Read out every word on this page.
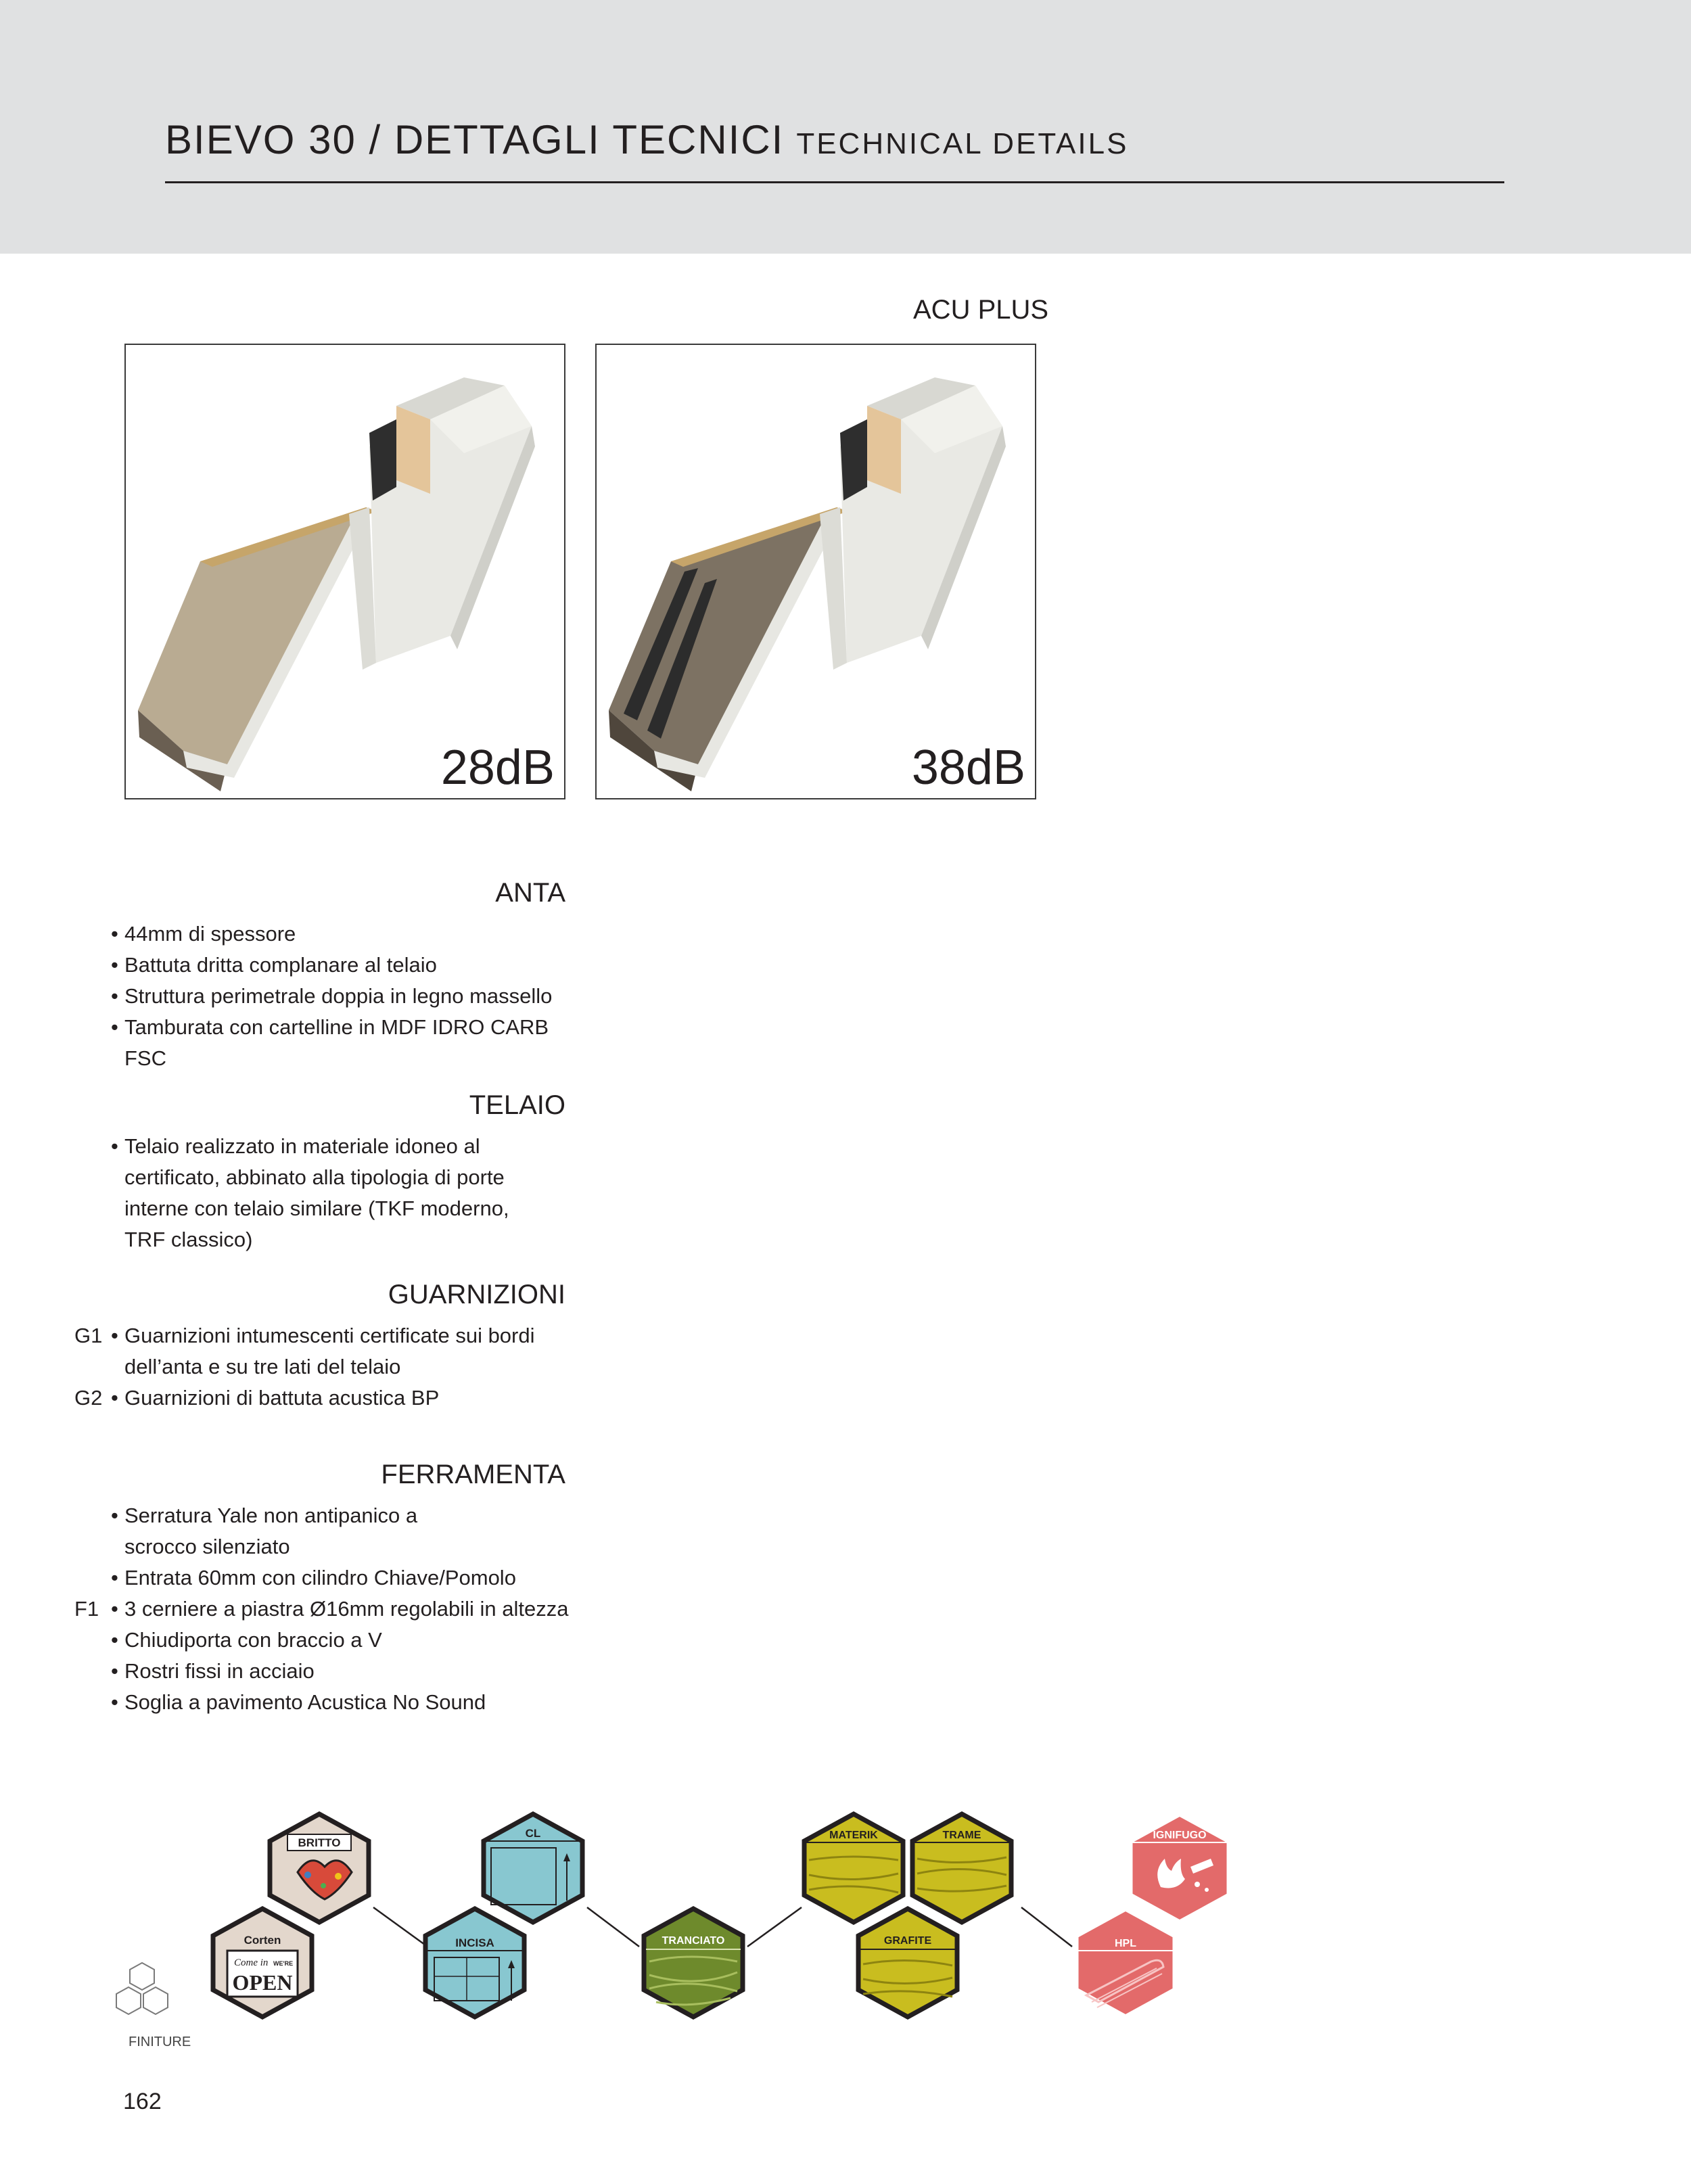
BIEVO 30 / DETTAGLI TECNICI TECHNICAL DETAILS
ACU PLUS
28dB	38dB
ANTA
• 44mm di spessore
• Battuta dritta complanare al telaio
• Struttura perimetrale doppia in legno massello
• Tamburata con cartelline in MDF IDRO CARB FSC
TELAIO
• Telaio realizzato in materiale idoneo al certificato, abbinato alla tipologia di porte interne con telaio similare (TKF moderno, TRF classico)
GUARNIZIONI
• G1 Guarnizioni intumescenti certificate sui bordi dell’anta e su tre lati del telaio
• G2 Guarnizioni di battuta acustica BP
FERRAMENTA
• Serratura Yale non antipanico a scrocco silenziato
• Entrata 60mm con cilindro Chiave/Pomolo
• F1 3 cerniere a piastra Ø16mm regolabili in altezza
• Chiudiporta con braccio a V
• Rostri fissi in acciaio
• Soglia a pavimento Acustica No Sound
BRITTO
Corten
Come in WE'RE
OPEN
CL
INCISA	TRANCIATO
MATERIK	TRAME
GRAFITE
IGNIFUGO
HPL
FINITURE
162
